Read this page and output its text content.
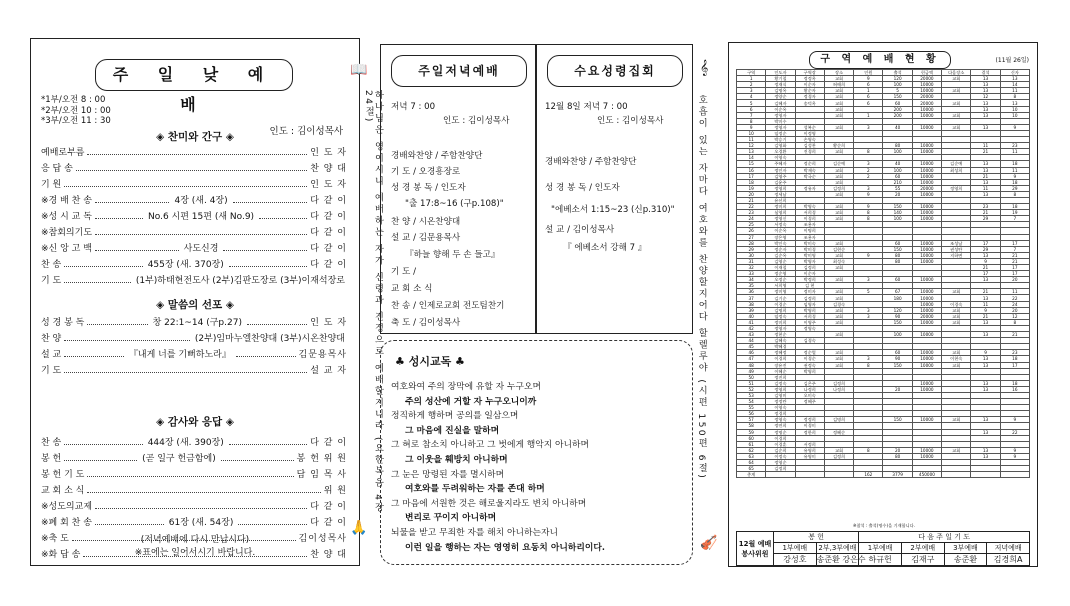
주 일 낮 예 배
*1부/오전 8 : 00
*2부/오전 10 : 00
*3부/오전 11 : 30
인도 : 김이성목사
예배로부름	인 도 자
응 답 송	찬 양 대
기 원	인 도 자
※경 배 찬 송	4장 (새. 4장)	다 같 이
※성 시 교 독	No.6 시편 15편 (새 No.9)	다 같 이
※참회의기도	다 같 이
※신 앙 고 백	사도신경	다 같 이
찬 송	455장 (새. 370장)	다 같 이
기 도	(1부)하태현전도사 (2부)김판도장로 (3부)이재석장로
성 경 봉 독	창 22:1~14 (구p.27)	인 도 자
찬 양	(2부)임마누엘찬양대 (3부)시온찬양대
설 교	『내게 너를 기뻐하노라』	김문용목사
기 도	설 교 자
찬 송	444장 (새. 390장)	다 같 이
봉 헌	(곧 일구 헌금함에)	봉 헌 위 원
봉 헌 기 도	담 임 목 사
교 회 소 식	위 원
※성도의교제	다 같 이
※폐 회 찬 송	61장 (새. 54장)	다 같 이
※축 도	김이성목사
※화 답 송	찬 양 대
(저녁예배에 다시 만납시다)
※표에는 일어서시기 바랍니다.
◈ 찬미와 간구 ◈
◈ 말씀의 선포 ◈
◈ 감사와 응답 ◈	하나님은 영이시니 예배하는 자가 신령과 진정으로 예배할지니라 (요한복음 4장 24절)
📖
🙏
주일저녁예배
저녁 7 : 00
인도 : 김이성목사
경배와찬양 / 주함찬양단
기 도 / 오경흥장로
성 경 봉 독 / 인도자
"출 17:8~16 (구p.108)"
찬 양 / 시온찬양대
설 교 / 김문용목사
『하늘 향해 두 손 들고』
기 도 /
교 회 소 식
찬 송 / 인제로교회 전도팀찬기
축 도 / 김이성목사
수요성령집회
12월 8일 저녁 7 : 00
인도 : 김이성목사
경배와찬양 / 주함찬양단
성 경 봉 독 / 인도자
"에베소서 1:15~23 (신p.310)"
설 교 / 김이성목사
『 에베소서 강해 7 』
♣ 성시교독 ♣
여호와여 주의 장막에 유할 자 누구오며
주의 성산에 거할 자 누구오니이까
정직하게 행하며 공의를 일삼으며
그 마음에 진실을 말하며
그 혀로 참소치 아니하고 그 벗에게 행악지 아니하며
그 이웃을 훼방치 아니하며
그 눈은 망령된 자를 멸시하며
여호와를 두려워하는 자를 존대 하며
그 마음에 서원한 것은 해로울지라도 변치 아니하며
변리로 꾸이지 아니하며
뇌물을 받고 무죄한 자를 해치 아니하는자니
이런 일을 행하는 자는 영영히 요동치 아니하리이다.
호흡이 있는 자마다 여호와를 찬양할지어다 할렐루야 (시편 150편 6절)
𝄞
🎻
구 역 예 배 현 황	(11월 26일)
구역	인도자	구역장	장소	인원	출석	헌금액	다음장소	결석	신자
1	황기철	정정옥	교회	9	120	20000	교회	13	13
2	정재식	이순자	허애희	6	100	10000		13	14
3	김명옥	황순자	교회	1	5	10000	교회	13	11
4	정양순	정경자	교회	6	150	20000		12	8
5	김혜자	송덕옥	교회	6	60	20000	교회	13	13
6	이순옥		교회		200	10000		13	10
7	정영자		교회	1	200	10000	교회	13	10
8	박미수								
9	정영자	성복순	교회	3	40	10000	교회	13	9
10	임정순	이정영							
11	박승기	손영숙							
12	김영화	김성찬	황순희		80	10000		11	23
13	오경환	진경희	교회	8	100	10000		21	11
14	이영숙								
15	주혜자	정순희	김순예	3	40	10000	김순예	13	18
16	정인자	박재숙	교회	2	100	10000	최성희	13	11
17	김영주	박국순	교회	2	60	10000		21	9
18	김윤주		교회		210	10000		13	18
19	정영희	정유자	김정희	3	55	20000	정영희	11	29
20	정세남		교회	9	20	10000		13	8
21	유선희								
22	정미희	박영숙	교회	9	150	10000		23	18
23	심영희	서희경	교회	8	140	10000		21	19
24	정영신	이경희	교회	8	100	10000		29	7
25	서정숙	조용자							
26	이순옥	이명희							
27	장은영	조용자							
28	박인숙	박미숙	교회		60	10000	조성남	17	17
29	정순자	박미경	김현순		150	10000	권성탄	29	7
30	김순옥	박미영	교회	9	80	10000	지하면	13	21
31	김영순	박영자	최성숙		80	10000		9	21
32	이재철	김정희	교회					21	17
33	정순영	이순자						17	17
34	오정순	박정희	교회	3	60	10000		13	20
35	서희영	김 현							
36	정미영	정미자	교회	5	67	10000	교회	21	11
37	김기순	김정희	교회		180	10000		13	22
38	이경순	임영자	김경숙			10000	이경숙	11	24
39	김명희	박영희	교회	3	120	10000	교회	9	20
40	임정숙	서희경	교회	3	90	20000	교회	21	12
41	정미희	이영주	교회		150	10000	교회	13	8
42	정영자	정영숙							
43	정현순		교회		100	10000		13	21
44	김혜숙	김경숙							
45	박혜경								
46	정혜정	정순열	교회		60	10000	교회	9	23
47	이경희	이경순	교회	3	90	10000	이현숙	13	18
48	장유진	권정숙	교회	8	150	10000	교회	13	17
49	이혜순	박영희							
50	정진희								
51	김정숙	김은주	김정희			10000		13	18
52	정영희	나정희	나정희		20	10000		13	16
53	김영미	오미숙							
54	정정란	정혜주							
55	이영숙								
56	정경희								
57	정영숙	정정희	김명희		150	10000	교회	13	9
58	정연희	이경미							
59	정명순	정한희	정혜순					13	22
60	이경희								
61	이경훈	서정희							
62	김순희	유영희	교회	8	20	10000	교회	13	9
63	이정숙	유영미	김정희		80	10000		13	9
64	정영순								
65	김정희								
총계				162	3779	450000			
※참석 : 출석(명수)을 기재합니다.
12월 예배 봉사위원	봉 헌		다 음 주 일 기 도			
	1부예배	2부,3부예배	1부예배	2부예배	3부예배	저녁예배
	강성호	송준환 강은수	하규헌	김재구	송준환	김경희A
